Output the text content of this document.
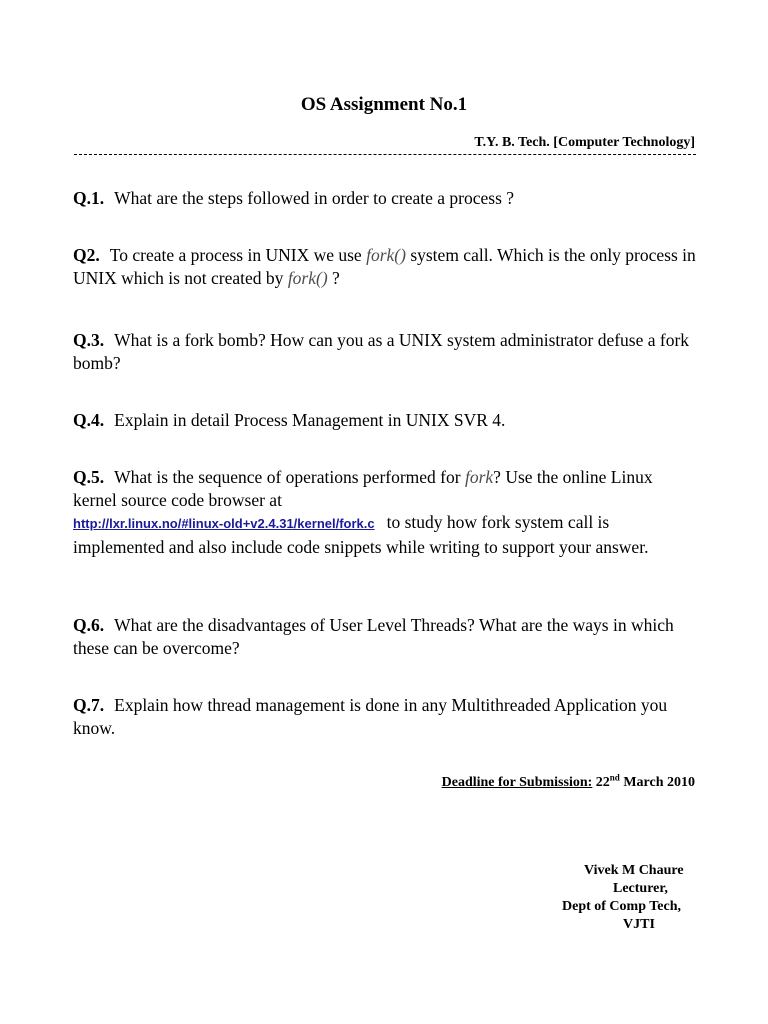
OS Assignment No.1
T.Y. B. Tech. [Computer Technology]
Q.1. What are the steps followed in order to create a process ?
Q2. To create a process in UNIX we use fork() system call. Which is the only process in UNIX which is not created by fork() ?
Q.3. What is a fork bomb? How can you as a UNIX system administrator defuse a fork bomb?
Q.4. Explain in detail Process Management in UNIX SVR 4.
Q.5. What is the sequence of operations performed for fork? Use the online Linux kernel source code browser at
http://lxr.linux.no/#linux-old+v2.4.31/kernel/fork.c to study how fork system call is implemented and also include code snippets while writing to support your answer.
Q.6. What are the disadvantages of User Level Threads? What are the ways in which these can be overcome?
Q.7. Explain how thread management is done in any Multithreaded Application you know.
Deadline for Submission: 22nd March 2010
Vivek M Chaure
Lecturer,
Dept of Comp Tech,
VJTI
